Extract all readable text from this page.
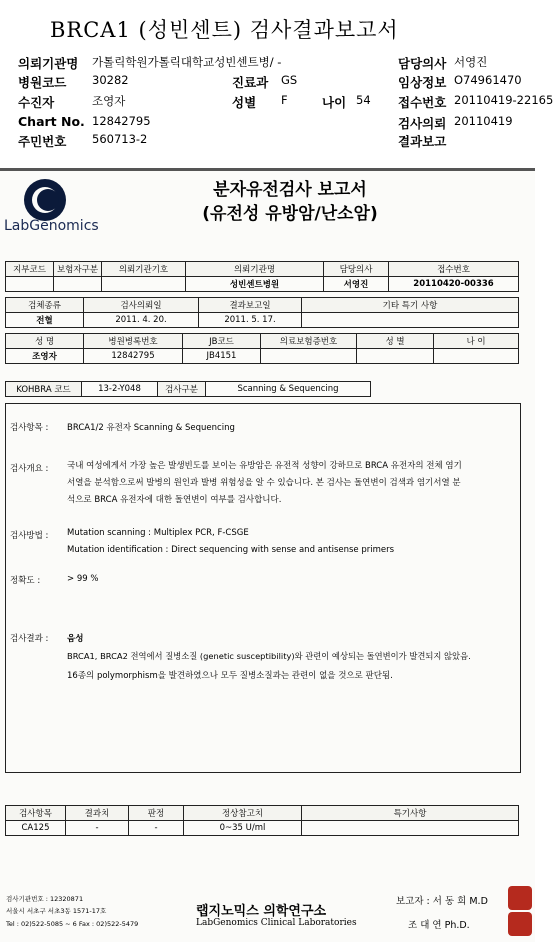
BRCA1 (성빈센트) 검사결과보고서
의뢰기관명 가톨릭학원가톨릭대학교성빈센트병/ -	담당의사 서영진
병원코드 30282	진료과 GS	임상정보 O74961470
수진자	조영자	성별 F	나이 54 접수번호 20110419-22165
Chart No. 12842795	검사의뢰 20110419
주민번호 560713-2	결과보고
LabGenomics
분자유전검사 보고서
(유전성 유방암/난소암)
지부코드	보험자구분	의뢰기관기호	의뢰기관명	담당의사	접수번호
			성빈센트병원	서영진	20110420-00336
검체종류	검사의뢰일	결과보고일	기타 특기 사항
전혈	2011. 4. 20.	2011. 5. 17.	
성 명	병원병록번호	JB코드	의료보험증번호	성 별	나 이
조영자	12842795	JB4151			
KOHBRA 코드	13-2-Y048	검사구분	Scanning & Sequencing
검사항목 : BRCA1/2 유전자 Scanning & Sequencing
검사개요 : 국내 여성에게서 가장 높은 발생빈도를 보이는 유방암은 유전적 성향이 강하므로 BRCA 유전자의 전체 염기
서열을 분석함으로써 발병의 원인과 발병 위험성을 알 수 있습니다. 본 검사는 돌연변이 검색과 염기서열 분
석으로 BRCA 유전자에 대한 돌연변이 여부를 검사합니다.
검사방법 : Mutation scanning : Multiplex PCR, F-CSGE
Mutation identification : Direct sequencing with sense and antisense primers
정확도 :	> 99 %
검사결과 : 음성
BRCA1, BRCA2 전역에서 질병소질 (genetic susceptibility)와 관련이 예상되는 돌연변이가 발견되지 않았음.
16종의 polymorphism을 발견하였으나 모두 질병소질과는 관련이 없을 것으로 판단됨.
검사항목	결과치	판정	정상참고치	특기사항
CA125	-	-	0~35 U/ml	
검사기관번호 : 12320871
서울시 서초구 서초3동 1571-17호
Tel : 02)522-5085 ~ 6 Fax : 02)522-5479
랩지노믹스 의학연구소
LabGenomics Clinical Laboratories
보고자 : 서 동 희 M.D
조 대 연 Ph.D.
